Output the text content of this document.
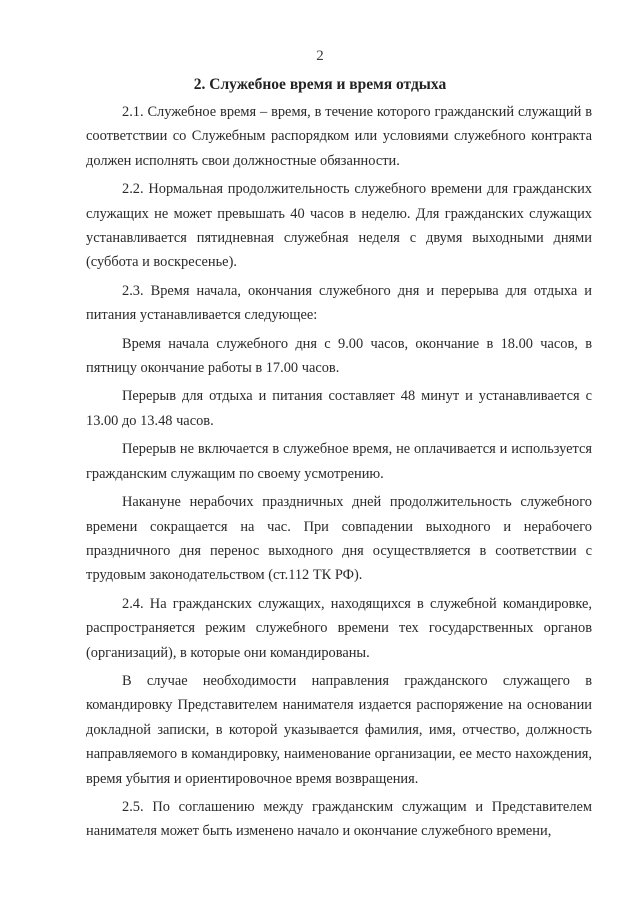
2
2. Служебное время и время отдыха

2.1. Служебное время – время, в течение которого гражданский служащий в соответствии со Служебным распорядком или условиями служебного контракта должен исполнять свои должностные обязанности.

2.2. Нормальная продолжительность служебного времени для гражданских служащих не может превышать 40 часов в неделю. Для гражданских служащих устанавливается пятидневная служебная неделя с двумя выходными днями (суббота и воскресенье).

2.3. Время начала, окончания служебного дня и перерыва для отдыха и питания устанавливается следующее:

Время начала служебного дня с 9.00 часов, окончание в 18.00 часов, в пятницу окончание работы в 17.00 часов.

Перерыв для отдыха и питания составляет 48 минут и устанавливается с 13.00 до 13.48 часов.

Перерыв не включается в служебное время, не оплачивается и используется гражданским служащим по своему усмотрению.

Накануне нерабочих праздничных дней продолжительность служебного времени сокращается на час. При совпадении выходного и нерабочего праздничного дня перенос выходного дня осуществляется в соответствии с трудовым законодательством (ст.112 ТК РФ).

2.4. На гражданских служащих, находящихся в служебной командировке, распространяется режим служебного времени тех государственных органов (организаций), в которые они командированы.

В случае необходимости направления гражданского служащего в командировку Представителем нанимателя издается распоряжение на основании докладной записки, в которой указывается фамилия, имя, отчество, должность направляемого в командировку, наименование организации, ее место нахождения, время убытия и ориентировочное время возвращения.

2.5. По соглашению между гражданским служащим и Представителем нанимателя может быть изменено начало и окончание служебного времени,
